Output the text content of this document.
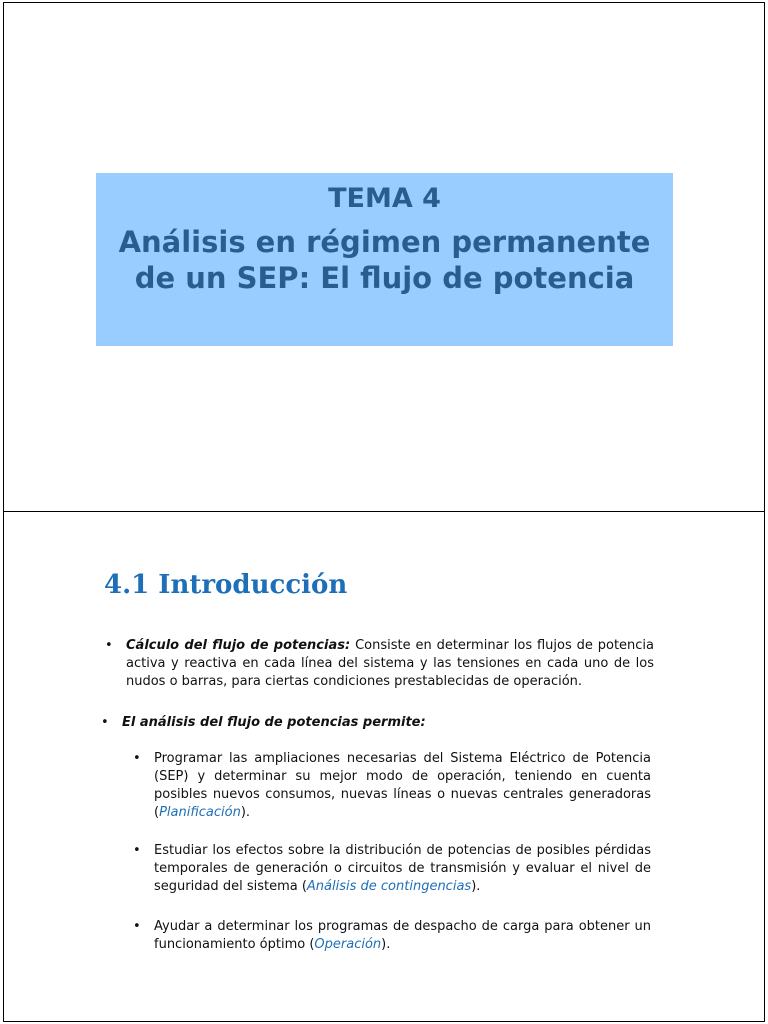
TEMA 4
Análisis en régimen permanente de un SEP: El flujo de potencia
4.1 Introducción
• Cálculo del flujo de potencias: Consiste en determinar los flujos de potencia activa y reactiva en cada línea del sistema y las tensiones en cada uno de los nudos o barras, para ciertas condiciones prestablecidas de operación.
• El análisis del flujo de potencias permite:
• Programar las ampliaciones necesarias del Sistema Eléctrico de Potencia (SEP) y determinar su mejor modo de operación, teniendo en cuenta posibles nuevos consumos, nuevas líneas o nuevas centrales generadoras (Planificación).
• Estudiar los efectos sobre la distribución de potencias de posibles pérdidas temporales de generación o circuitos de transmisión y evaluar el nivel de seguridad del sistema (Análisis de contingencias).
• Ayudar a determinar los programas de despacho de carga para obtener un funcionamiento óptimo (Operación).
